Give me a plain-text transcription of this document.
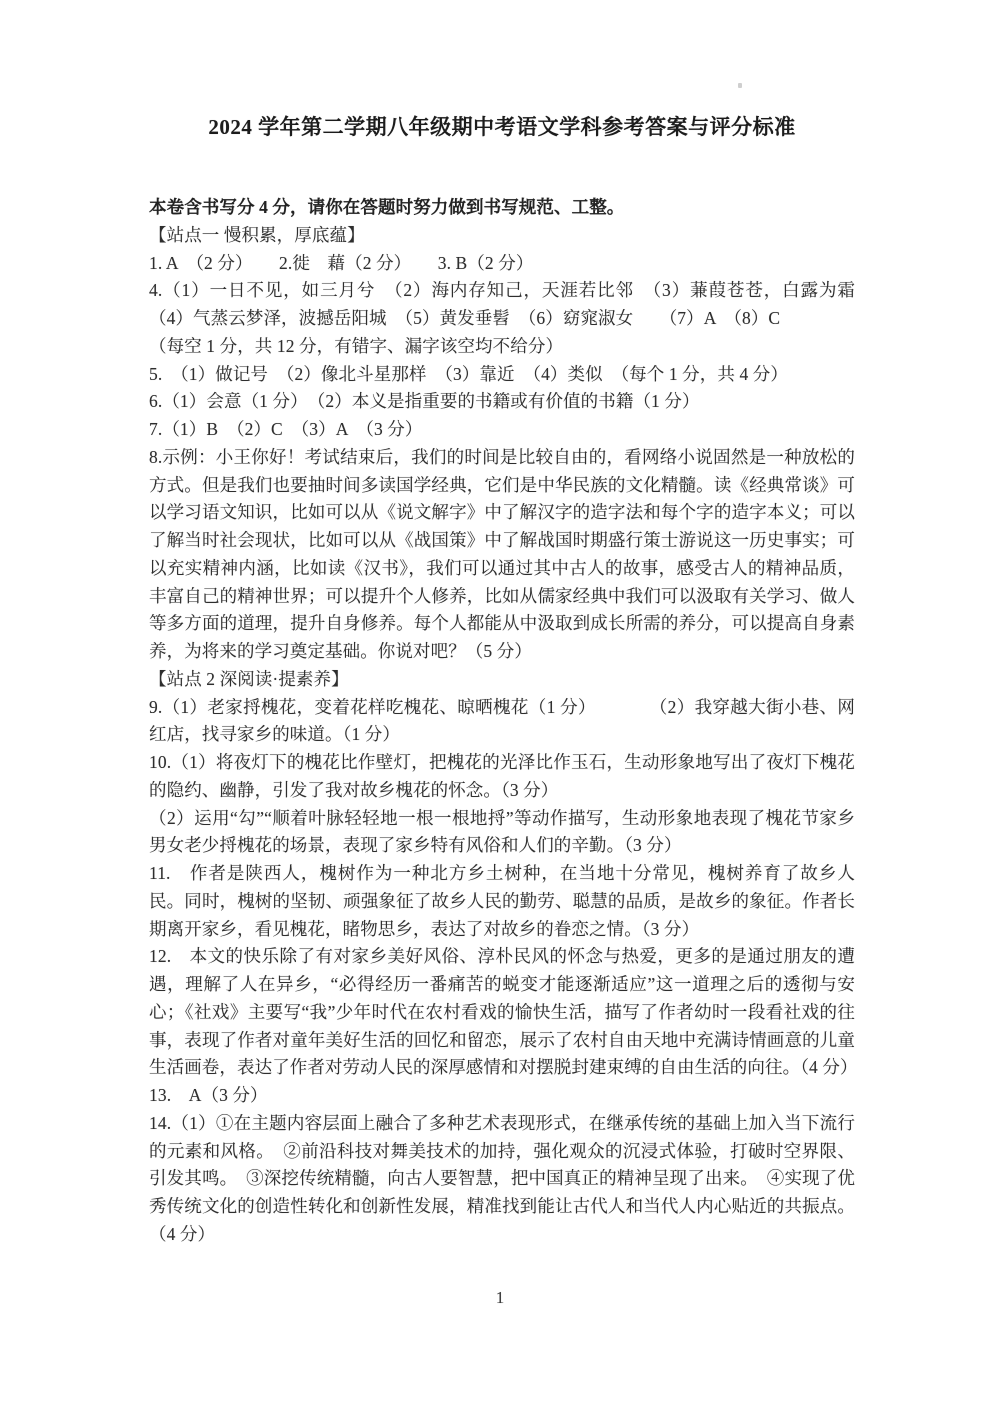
2024 学年第二学期八年级期中考语文学科参考答案与评分标准

本卷含书写分 4 分，请你在答题时努力做到书写规范、工整。

【站点一 慢积累，厚底蕴】

1. A　（2 分）　　2.徙　藉（2 分）　　3. B（2 分）

4.（1）一日不见，如三月兮　（2）海内存知己，天涯若比邻　（3）蒹葭苍苍，白露为霜　　（4）气蒸云梦泽，波撼岳阳城　（5）黄发垂髫　（6）窈窕淑女　　（7）A　（8）C

（每空 1 分，共 12 分，有错字、漏字该空均不给分）

5.　（1）做记号　（2）像北斗星那样　（3）靠近　（4）类似　（每个 1 分，共 4 分）

6.（1）会意（1 分）　（2）本义是指重要的书籍或有价值的书籍（1 分）

7.（1）B　（2）C　（3）A　（3 分）

8.示例：小王你好！考试结束后，我们的时间是比较自由的，看网络小说固然是一种放松的方式。但是我们也要抽时间多读国学经典，它们是中华民族的文化精髓。读《经典常谈》可以学习语文知识，比如可以从《说文解字》中了解汉字的造字法和每个字的造字本义；可以了解当时社会现状，比如可以从《战国策》中了解战国时期盛行策士游说这一历史事实；可以充实精神内涵，比如读《汉书》，我们可以通过其中古人的故事，感受古人的精神品质，丰富自己的精神世界；可以提升个人修养，比如从儒家经典中我们可以汲取有关学习、做人等多方面的道理，提升自身修养。每个人都能从中汲取到成长所需的养分，可以提高自身素养，为将来的学习奠定基础。你说对吧？（5 分）

【站点 2 深阅读·提素养】

9.（1）老家捋槐花，变着花样吃槐花、晾晒槐花（1 分）　　　　（2）我穿越大街小巷、网红店，找寻家乡的味道。（1 分）

10.（1）将夜灯下的槐花比作壁灯，把槐花的光泽比作玉石，生动形象地写出了夜灯下槐花的隐约、幽静，引发了我对故乡槐花的怀念。（3 分）

（2）运用“勾”“顺着叶脉轻轻地一根一根地捋”等动作描写，生动形象地表现了槐花节家乡男女老少捋槐花的场景，表现了家乡特有风俗和人们的辛勤。（3 分）

11.　作者是陕西人，槐树作为一种北方乡土树种，在当地十分常见，槐树养育了故乡人民。同时，槐树的坚韧、顽强象征了故乡人民的勤劳、聪慧的品质，是故乡的象征。作者长期离开家乡，看见槐花，睹物思乡，表达了对故乡的眷恋之情。（3 分）

12.　本文的快乐除了有对家乡美好风俗、淳朴民风的怀念与热爱，更多的是通过朋友的遭遇，理解了人在异乡，“必得经历一番痛苦的蜕变才能逐渐适应”这一道理之后的透彻与安心；《社戏》主要写“我”少年时代在农村看戏的愉快生活，描写了作者幼时一段看社戏的往事，表现了作者对童年美好生活的回忆和留恋，展示了农村自由天地中充满诗情画意的儿童生活画卷，表达了作者对劳动人民的深厚感情和对摆脱封建束缚的自由生活的向往。（4 分）

13.　A（3 分）

14.（1）①在主题内容层面上融合了多种艺术表现形式，在继承传统的基础上加入当下流行的元素和风格。　②前沿科技对舞美技术的加持，强化观众的沉浸式体验，打破时空界限、引发其鸣。　③深挖传统精髓，向古人要智慧，把中国真正的精神呈现了出来。　④实现了优秀传统文化的创造性转化和创新性发展，精准找到能让古代人和当代人内心贴近的共振点。（4 分）

1
